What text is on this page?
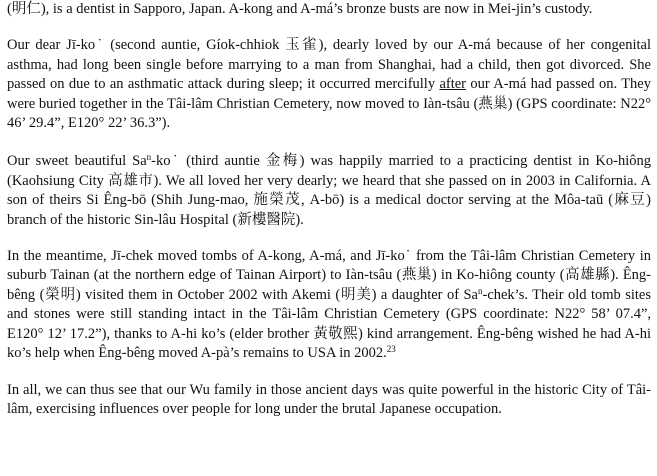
(明仁), is a dentist in Sapporo, Japan. A-kong and A-má’s bronze busts are now in Mei-jin’s custody.

Our dear Jī-ko˙ (second auntie, Gíok-chhiok 玉雀), dearly loved by our A-má because of her congenital asthma, had long been single before marrying to a man from Shanghai, had a child, then got divorced. She passed on due to an asthmatic attack during sleep; it occurred mercifully after our A-má had passed on. They were buried together in the Tâi-lâm Christian Cemetery, now moved to Iàn-tsâu (燕巢) (GPS coordinate: N22° 46’ 29.4”, E120° 22’ 36.3”).

Our sweet beautiful Sa$^n$-ko˙ (third auntie 金梅) was happily married to a practicing dentist in Ko-hiông (Kaohsiung City 高雄市). We all loved her very dearly; we heard that she passed on in 2003 in California. A son of theirs Si Êng-bō (Shih Jung-mao, 施榮茂, A-bō) is a medical doctor serving at the Môa-taū (麻豆) branch of the historic Sin-lâu Hospital (新樓醫院).

In the meantime, Jī-chek moved tombs of A-kong, A-má, and Jī-ko˙ from the Tâi-lâm Christian Cemetery in suburb Tainan (at the northern edge of Tainan Airport) to Iàn-tsâu (燕巢) in Ko-hiông county (高雄縣). Êng-bêng (榮明) visited them in October 2002 with Akemi (明美) a daughter of Sa$^n$-chek’s. Their old tomb sites and stones were still standing intact in the Tâi-lâm Christian Cemetery (GPS coordinate: N22° 58’ 07.4”, E120° 12’ 17.2”), thanks to A-hi ko’s (elder brother 黃敬熙) kind arrangement. Êng-bêng wished he had A-hi ko’s help when Êng-bêng moved A-pà’s remains to USA in 2002.23

In all, we can thus see that our Wu family in those ancient days was quite powerful in the historic City of Tâi-lâm, exercising influences over people for long under the brutal Japanese occupation.
